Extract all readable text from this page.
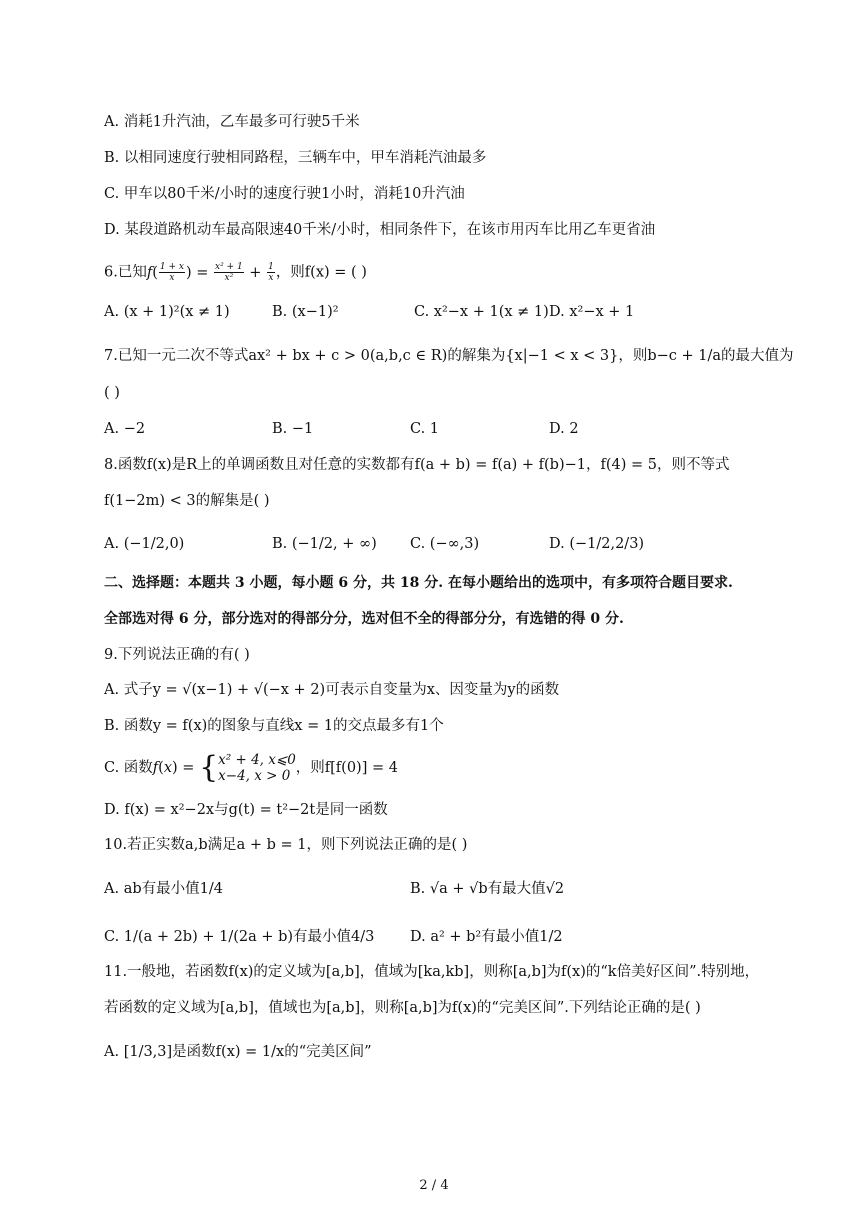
A. 消耗1升汽油，乙车最多可行驶5千米
B. 以相同速度行驶相同路程，三辆车中，甲车消耗汽油最多
C. 甲车以80千米/小时的速度行驶1小时，消耗10升汽油
D. 某段道路机动车最高限速40千米/小时，相同条件下，在该市用丙车比用乙车更省油
6.已知$f( \frac{1 + x}{x}$ ) = $\frac{\text{x² + 1}}{\text{x²}} + \frac{1}{x}$ ，则f(x) = ( )
A. (x + 1)²(x ≠ 1)	B. (x−1)²	C. x²−x + 1(x ≠ 1) D. x²−x + 1
7.已知一元二次不等式ax² + bx + c > 0(a,b,c ∈ R)的解集为{x|−1 < x < 3}，则b−c + 1/a的最大值为
( )
A. −2	B. −1	C. 1	D. 2
8.函数f(x)是R上的单调函数且对任意的实数都有f(a + b) = f(a) + f(b)−1，f(4) = 5，则不等式
f(1−2m) < 3的解集是( )
A. (−1/2,0)	B. (−1/2, + ∞) C. (−∞,3)	D. (−1/2,2/3)
二、选择题：本题共 3 小题，每小题 6 分，共 18 分. 在每小题给出的选项中，有多项符合题目要求.
全部选对得 6 分，部分选对的得部分分，选对但不全的得部分分，有选错的得 0 分.
9.下列说法正确的有( )
A. 式子y = √(x−1) + √(−x + 2)可表示自变量为x、因变量为y的函数
B. 函数y = f(x)的图象与直线x = 1的交点最多有1个
C. 函数f(x) = {x² + 4, x⩽0
x−4, x > 0 ，则f[f(0)] = 4
D. f(x) = x²−2x与g(t) = t²−2t是同一函数
10.若正实数a,b满足a + b = 1，则下列说法正确的是( )
A. ab有最小值1/4	B. √a + √b有最大值√2
C. 1/(a + 2b) + 1/(2a + b)有最小值4/3 D. a² + b²有最小值1/2
11.一般地，若函数f(x)的定义域为[a,b]，值域为[ka,kb]，则称[a,b]为f(x)的“k倍美好区间”.特别地，
若函数的定义域为[a,b]，值域也为[a,b]，则称[a,b]为f(x)的“完美区间”.下列结论正确的是( )
A. [1/3,3]是函数f(x) = 1/x的“完美区间”
2 / 4
